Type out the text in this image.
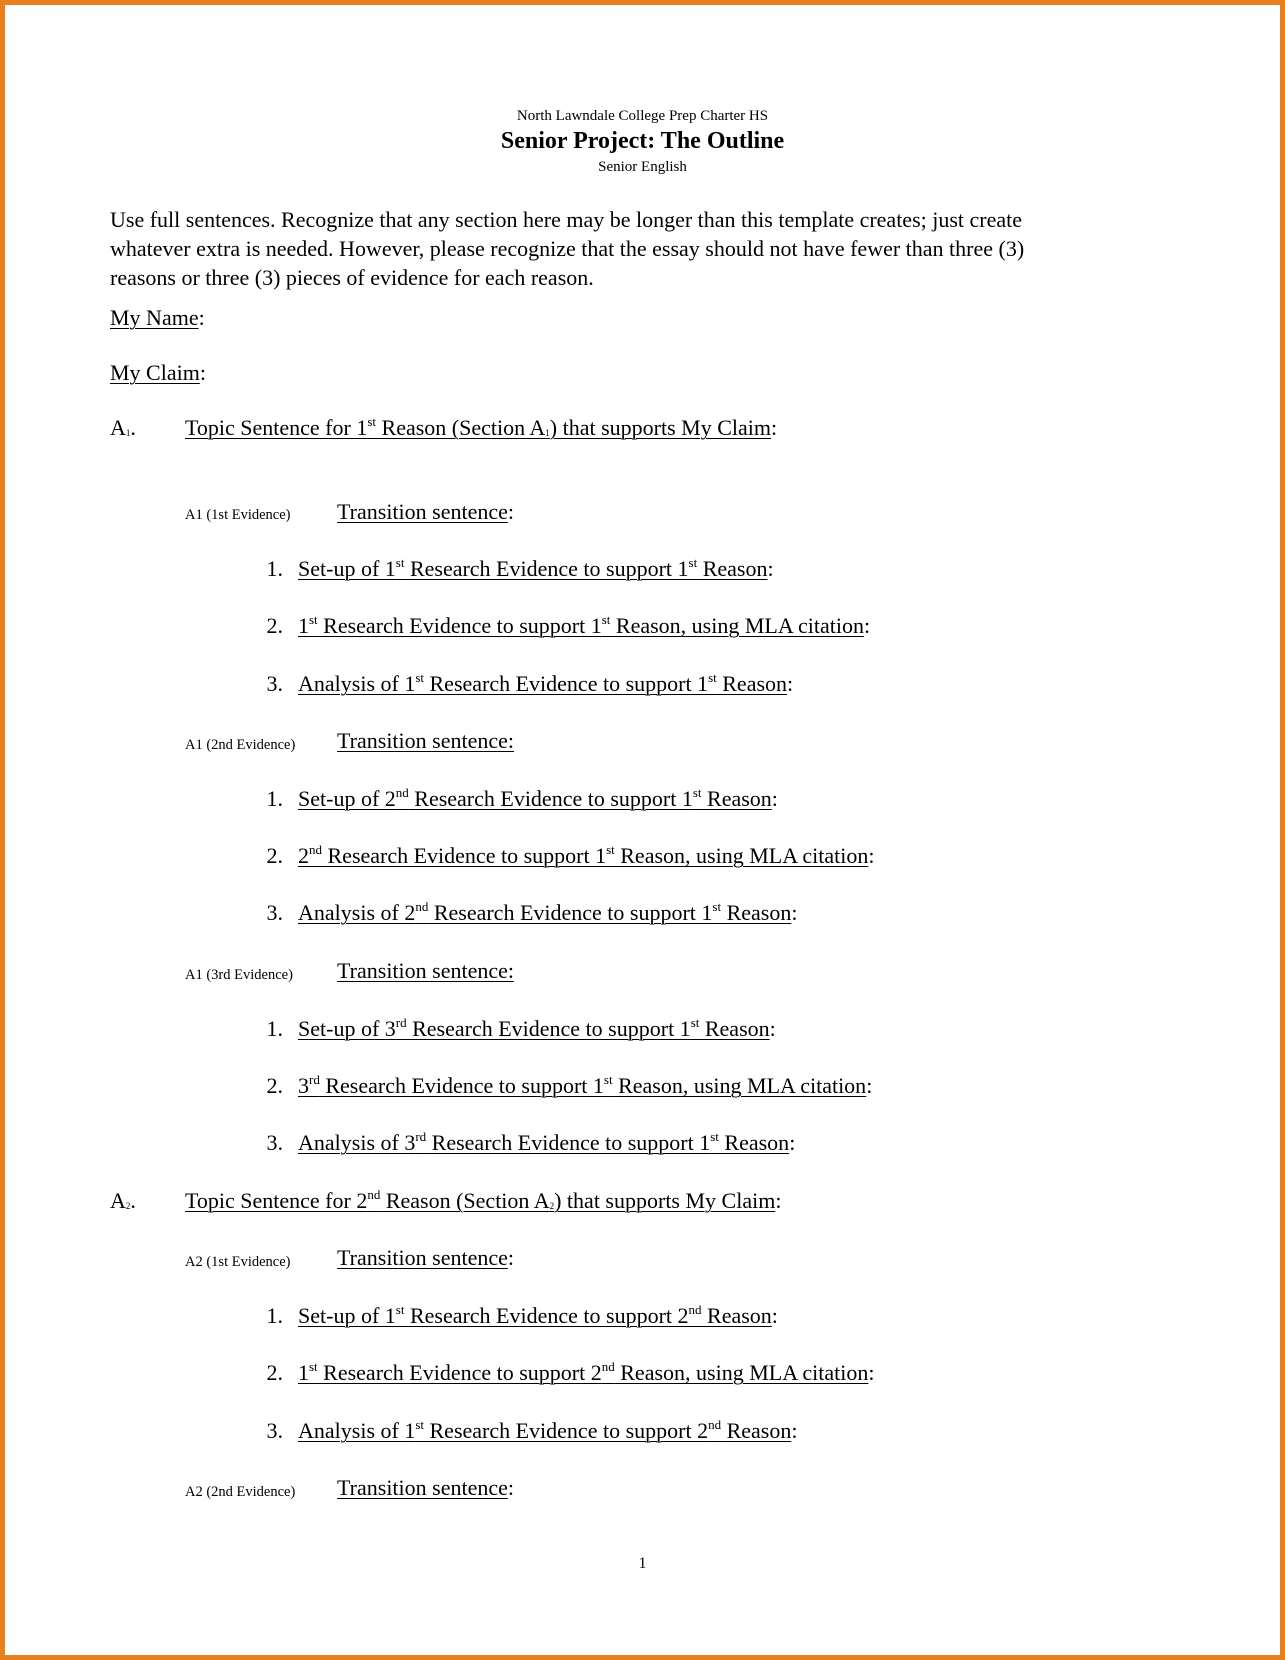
North Lawndale College Prep Charter HS
Senior Project: The Outline
Senior English
Use full sentences. Recognize that any section here may be longer than this template creates; just create
whatever extra is needed. However, please recognize that the essay should not have fewer than three (3)
reasons or three (3) pieces of evidence for each reason.
My Name:
My Claim:
$A_1$. Topic Sentence for 1st Reason (Section $A_1$) that supports My Claim:
A1 (1st Evidence) Transition sentence:
1. Set-up of 1st Research Evidence to support 1st Reason:
2. 1st Research Evidence to support 1st Reason, using MLA citation:
3. Analysis of 1st Research Evidence to support 1st Reason:
A1 (2nd Evidence) Transition sentence:
1. Set-up of 2nd Research Evidence to support 1st Reason:
2. 2nd Research Evidence to support 1st Reason, using MLA citation:
3. Analysis of 2nd Research Evidence to support 1st Reason:
A1 (3rd Evidence) Transition sentence:
1. Set-up of 3rd Research Evidence to support 1st Reason:
2. 3rd Research Evidence to support 1st Reason, using MLA citation:
3. Analysis of 3rd Research Evidence to support 1st Reason:
$A_2$. Topic Sentence for 2nd Reason (Section $A_2$) that supports My Claim:
A2 (1st Evidence) Transition sentence:
1. Set-up of 1st Research Evidence to support 2nd Reason:
2. 1st Research Evidence to support 2nd Reason, using MLA citation:
3. Analysis of 1st Research Evidence to support 2nd Reason:
A2 (2nd Evidence) Transition sentence:
1
